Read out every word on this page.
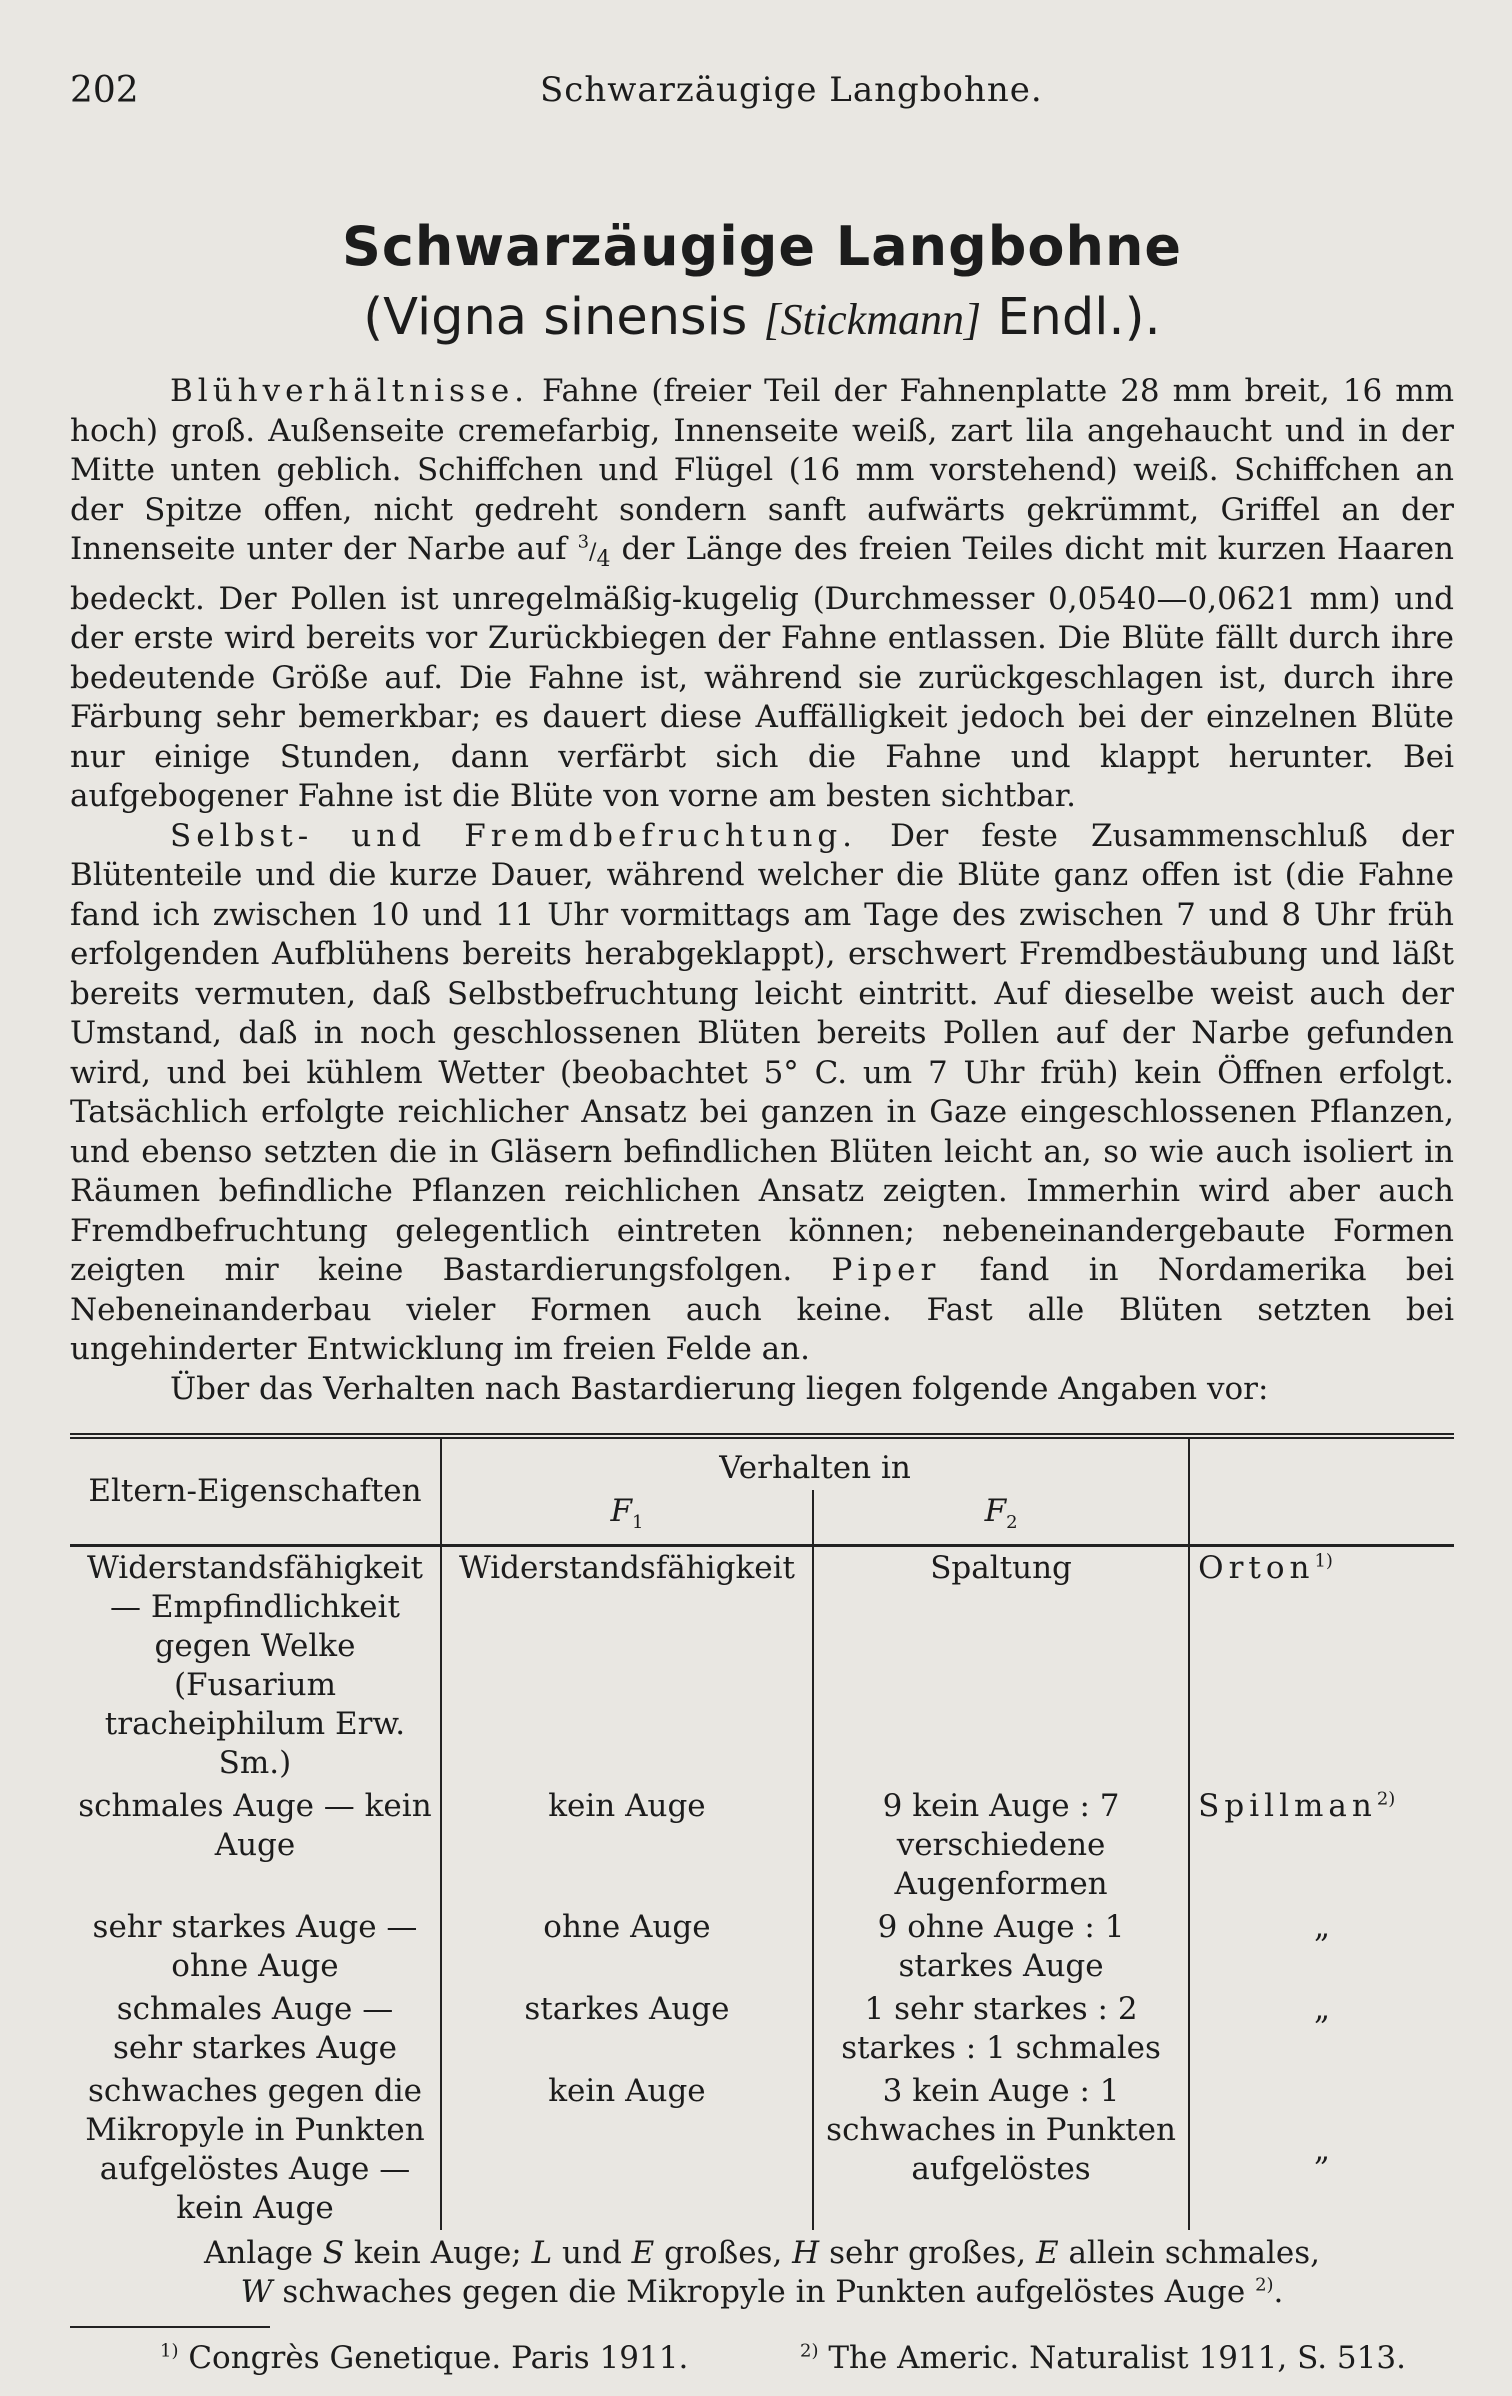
202	Schwarzäugige Langbohne.
Schwarzäugige Langbohne
(Vigna sinensis [Stickmann] Endl.).

Blühverhältnisse. Fahne (freier Teil der Fahnenplatte 28 mm breit, 16 mm hoch) groß. Außenseite cremefarbig, Innenseite weiß, zart lila angehaucht und in der Mitte unten geblich. Schiffchen und Flügel (16 mm vorstehend) weiß. Schiffchen an der Spitze offen, nicht gedreht sondern sanft aufwärts gekrümmt, Griffel an der Innenseite unter der Narbe auf $^3/_4$ der Länge des freien Teiles dicht mit kurzen Haaren bedeckt. Der Pollen ist unregelmäßig-kugelig (Durchmesser 0,0540—0,0621 mm) und der erste wird bereits vor Zurückbiegen der Fahne entlassen. Die Blüte fällt durch ihre bedeutende Größe auf. Die Fahne ist, während sie zurückgeschlagen ist, durch ihre Färbung sehr bemerkbar; es dauert diese Auffälligkeit jedoch bei der einzelnen Blüte nur einige Stunden, dann verfärbt sich die Fahne und klappt herunter. Bei aufgebogener Fahne ist die Blüte von vorne am besten sichtbar.

Selbst- und Fremdbefruchtung. Der feste Zusammenschluß der Blütenteile und die kurze Dauer, während welcher die Blüte ganz offen ist (die Fahne fand ich zwischen 10 und 11 Uhr vormittags am Tage des zwischen 7 und 8 Uhr früh erfolgenden Aufblühens bereits herabgeklappt), erschwert Fremdbestäubung und läßt bereits vermuten, daß Selbstbefruchtung leicht eintritt. Auf dieselbe weist auch der Umstand, daß in noch geschlossenen Blüten bereits Pollen auf der Narbe gefunden wird, und bei kühlem Wetter (beobachtet 5° C. um 7 Uhr früh) kein Öffnen erfolgt. Tatsächlich erfolgte reichlicher Ansatz bei ganzen in Gaze eingeschlossenen Pflanzen, und ebenso setzten die in Gläsern befindlichen Blüten leicht an, so wie auch isoliert in Räumen befindliche Pflanzen reichlichen Ansatz zeigten. Immerhin wird aber auch Fremdbefruchtung gelegentlich eintreten können; nebeneinandergebaute Formen zeigten mir keine Bastardierungsfolgen. Piper fand in Nordamerika bei Nebeneinanderbau vieler Formen auch keine. Fast alle Blüten setzten bei ungehinderter Entwicklung im freien Felde an.

Über das Verhalten nach Bastardierung liegen folgende Angaben vor:

Eltern-Eigenschaften	Verhalten in		
	$F_1$	$F_2$
Widerstandsfähigkeit — Empfindlichkeit gegen Welke (Fusarium tracheiphilum Erw. Sm.)	Widerstandsfähigkeit	Spaltung	Orton$^{1)}$
schmales Auge — kein Auge	kein Auge	9 kein Auge : 7 verschiedene Augenformen	Spillman$^{2)}$
sehr starkes Auge — ohne Auge	ohne Auge	9 ohne Auge : 1 starkes Auge	„
schmales Auge — sehr starkes Auge	starkes Auge	1 sehr starkes : 2 starkes : 1 schmales	„
schwaches gegen die Mikropyle in Punkten aufgelöstes Auge — kein Auge	kein Auge	3 kein Auge : 1 schwaches in Punkten aufgelöstes	„
Anlage S kein Auge; L und E großes, H sehr großes, E allein schmales,
W schwaches gegen die Mikropyle in Punkten aufgelöstes Auge $^{2)}$.
$^{1)}$ Congrès Genetique. Paris 1911.	$^{2)}$ The Americ. Naturalist 1911, S. 513.
